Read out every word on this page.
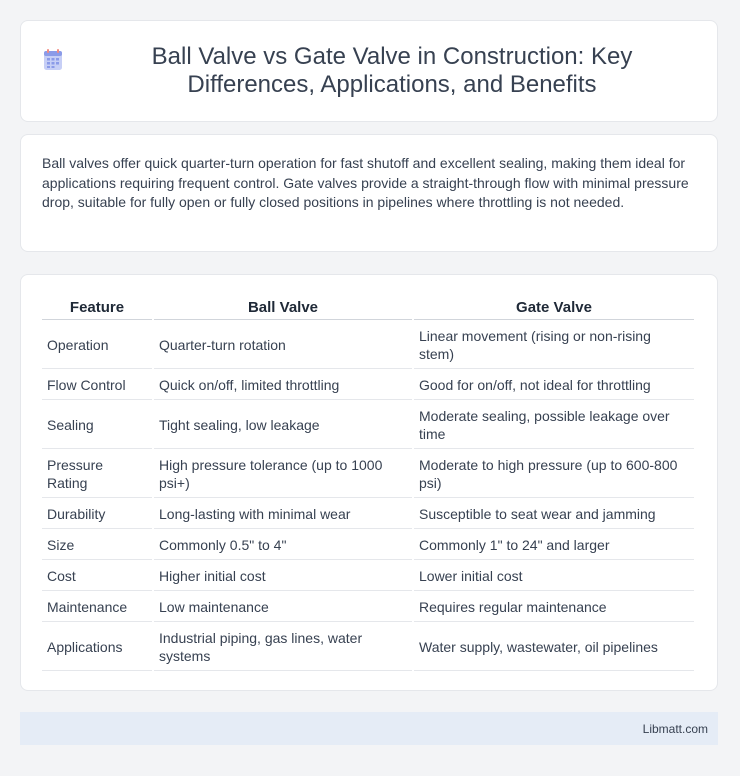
Ball Valve vs Gate Valve in Construction: Key Differences, Applications, and Benefits

Ball valves offer quick quarter-turn operation for fast shutoff and excellent sealing, making them ideal for applications requiring frequent control. Gate valves provide a straight-through flow with minimal pressure drop, suitable for fully open or fully closed positions in pipelines where throttling is not needed.

Feature	Ball Valve	Gate Valve
Operation	Quarter-turn rotation	Linear movement (rising or non-rising stem)
Flow Control	Quick on/off, limited throttling	Good for on/off, not ideal for throttling
Sealing	Tight sealing, low leakage	Moderate sealing, possible leakage over time
Pressure Rating	High pressure tolerance (up to 1000 psi+)	Moderate to high pressure (up to 600-800 psi)
Durability	Long-lasting with minimal wear	Susceptible to seat wear and jamming
Size	Commonly 0.5" to 4"	Commonly 1" to 24" and larger
Cost	Higher initial cost	Lower initial cost
Maintenance	Low maintenance	Requires regular maintenance
Applications	Industrial piping, gas lines, water systems	Water supply, wastewater, oil pipelines
Libmatt.com
